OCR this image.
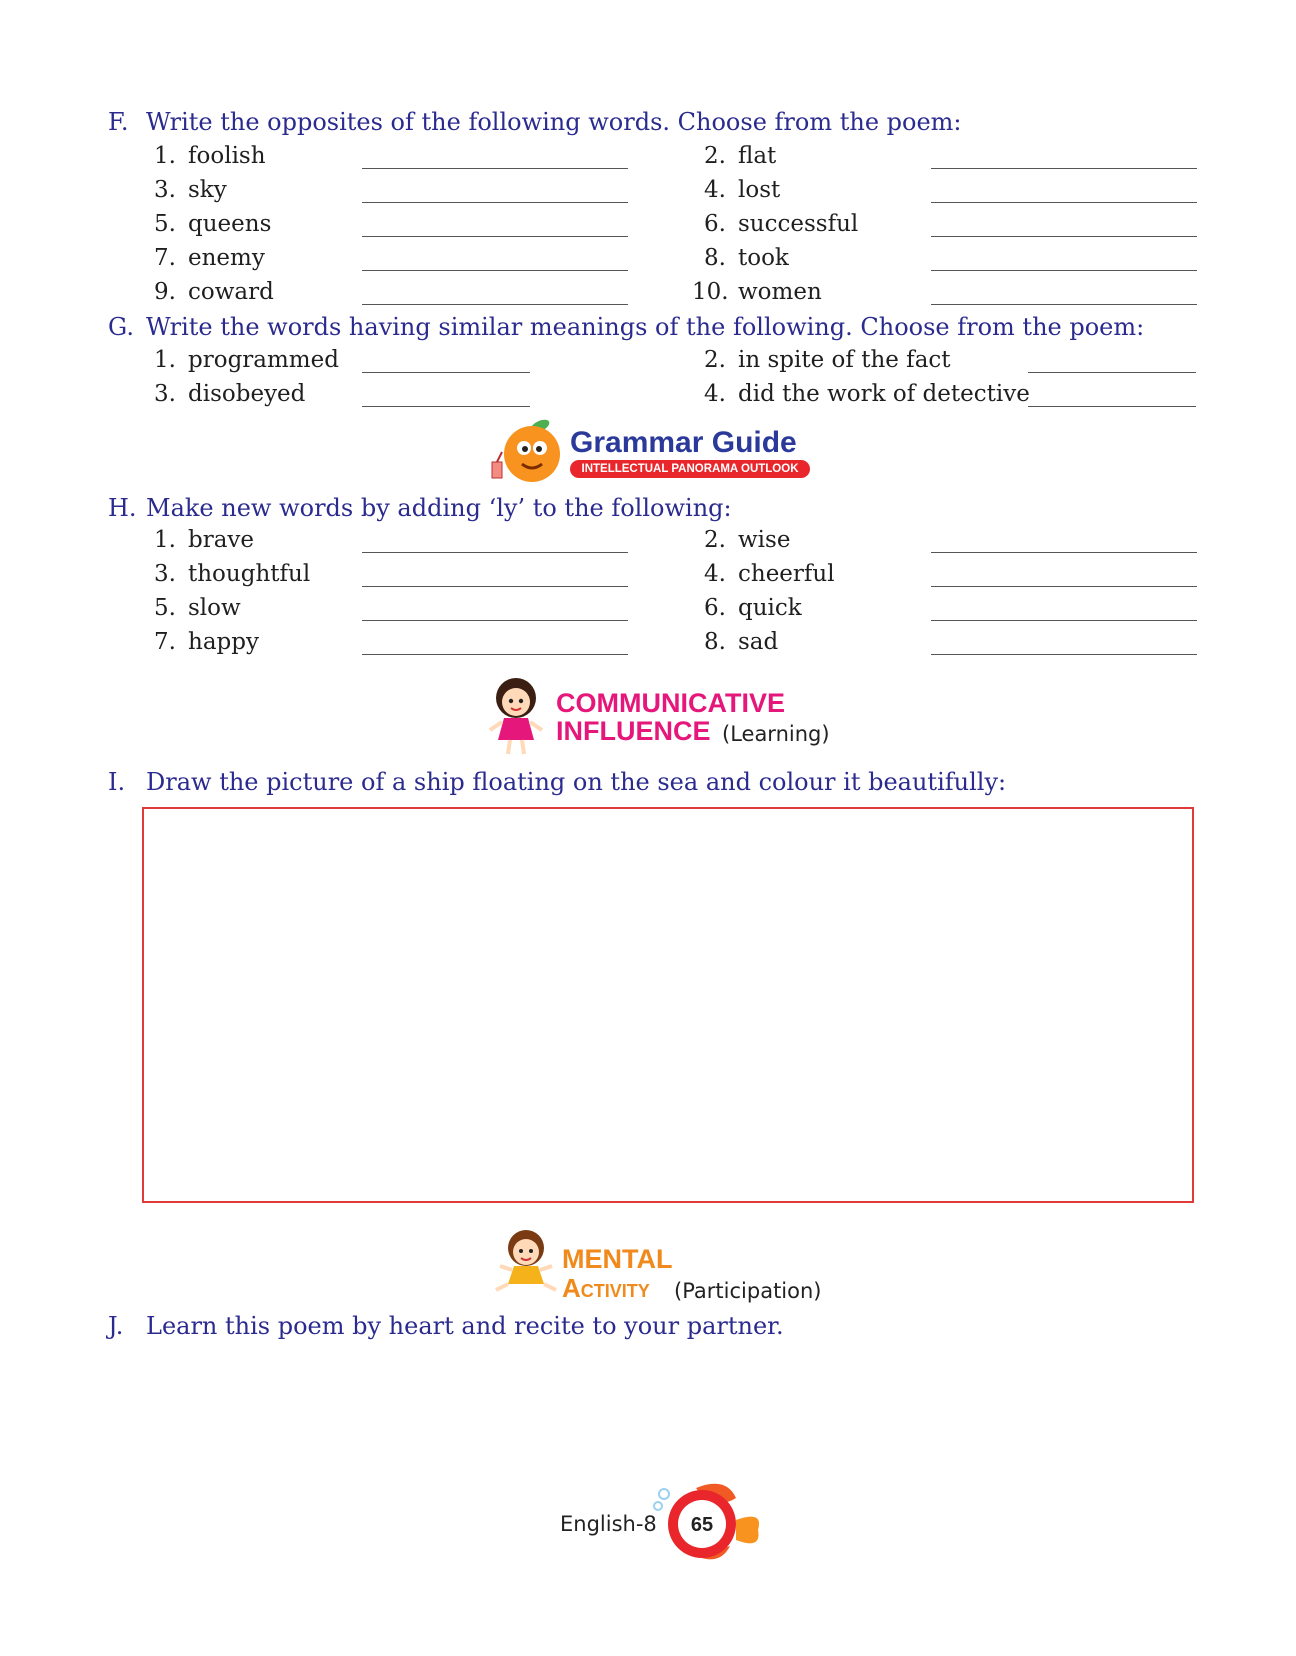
F. Write the opposites of the following words. Choose from the poem:
1. foolish
3. sky
5. queens
7. enemy
9. coward
2. flat
4. lost
6. successful
8. took
10. women
G. Write the words having similar meanings of the following. Choose from the poem:
1. programmed
3. disobeyed
2. in spite of the fact
4. did the work of detective
Grammar Guide
INTELLECTUAL PANORAMA OUTLOOK
H. Make new words by adding ‘ly’ to the following:
1. brave
3. thoughtful
5. slow
7. happy
2. wise
4. cheerful
6. quick
8. sad
COMMUNICATIVE
INFLUENCE (Learning)
I. Draw the picture of a ship floating on the sea and colour it beautifully:
MENTAL
Activity (Participation)
J. Learn this poem by heart and recite to your partner.
English-8	65
